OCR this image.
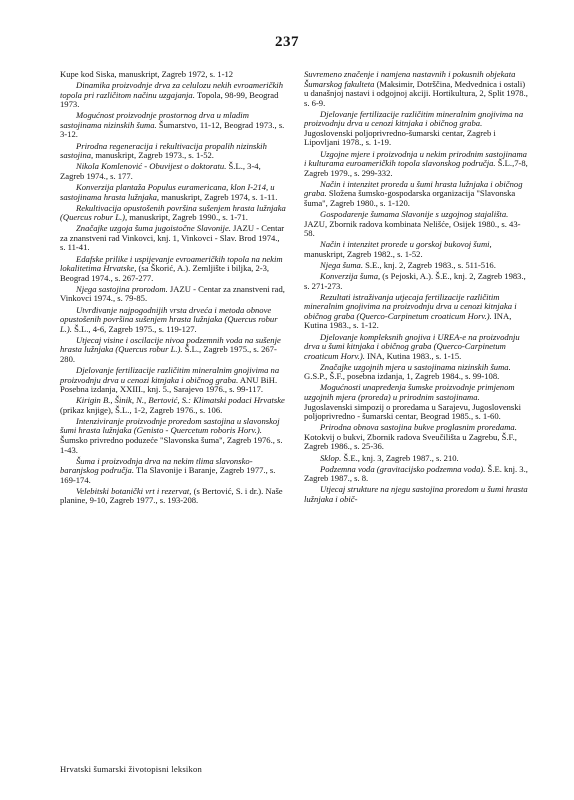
237

Kupe kod Siska, manuskript, Zagreb 1972, s. 1-12

Dinamika proizvodnje drva za celulozu nekih evroameričkih topola pri različitom načinu uzgajanja. Topola, 98-99, Beograd 1973.

Mogućnost proizvodnje prostornog drva u mladim sastojinama nizinskih šuma. Šumarstvo, 11-12, Beograd 1973., s. 3-12.

Prirodna regeneracija i rekultivacija propalih nizinskih sastojina, manuskript, Zagreb 1973., s. 1-52.

Nikola Komlenović - Obuvijest o doktoratu. Š.L., 3-4, Zagreb 1974., s. 177.

Konverzija plantaža Populus euramericana, klon I-214, u sastojinama hrasta lužnjaka, manuskript, Zagreb 1974, s. 1-11.

Rekultivacija opustošenih površina sušenjem hrasta lužnjaka (Quercus robur L.), manuskript, Zagreb 1990., s. 1-71.

Značajke uzgoja šuma jugoistočne Slavonije. JAZU - Centar za znanstveni rad Vinkovci, knj. 1, Vinkovci - Slav. Brod 1974., s. 11-41.

Edafske prilike i uspijevanje evroameričkih topola na nekim lokalitetima Hrvatske, (sa Škorić, A.). Zemljište i biljka, 2-3, Beograd 1974., s. 267-277.

Njega sastojina prorodom. JAZU - Centar za znanstveni rad, Vinkovci 1974., s. 79-85.

Utvrđivanje najpogodnijih vrsta drveća i metoda obnove opustošenih površina sušenjem hrasta lužnjaka (Quercus robur L.). Š.L., 4-6, Zagreb 1975., s. 119-127.

Utjecaj visine i oscilacije nivoa podzemnih voda na sušenje hrasta lužnjaka (Quercus robur L.). Š.L., Zagreb 1975., s. 267-280.

Djelovanje fertilizacije različitim mineralnim gnojivima na proizvodnju drva u cenozi kitnjaka i običnog graba. ANU BiH. Posebna izdanja, XXIII., knj. 5., Sarajevo 1976., s. 99-117.

Kirigin B., Šinik, N., Bertović, S.: Klimatski podaci Hrvatske (prikaz knjige), Š.L., 1-2, Zagreb 1976., s. 106.

Intenziviranje proizvodnje proredom sastojina u slavonskoj šumi hrasta lužnjaka (Genisto - Quercetum roboris Horv.). Šumsko privredno poduzeće "Slavonska šuma", Zagreb 1976., s. 1-43.

Šuma i proizvodnja drva na nekim tlima slavonsko-baranjskog područja. Tla Slavonije i Baranje, Zagreb 1977., s. 169-174.

Velebitski botanički vrt i rezervat, (s Bertović, S. i dr.). Naše planine, 9-10, Zagreb 1977., s. 193-208.

Suvremeno značenje i namjena nastavnih i pokusnih objekata Šumarskog fakulteta (Maksimir, Dotrščina, Medvednica i ostali) u današnjoj nastavi i odgojnoj akciji. Hortikultura, 2, Split 1978., s. 6-9.

Djelovanje fertilizacije različitim mineralnim gnojivima na proizvodnju drva u cenozi kitnjaka i običnog graba. Jugoslovenski poljoprivredno-šumarski centar, Zagreb i Lipovljani 1978., s. 1-19.

Uzgojne mjere i proizvodnja u nekim prirodnim sastojinama i kulturama euroameričkih topola slavonskog područja. Š.L.,7-8, Zagreb 1979., s. 299-332.

Način i intenzitet proreda u šumi hrasta lužnjaka i običnog graba. Složena šumsko-gospodarska organizacija "Slavonska šuma", Zagreb 1980., s. 1-120.

Gospodarenje šumama Slavonije s uzgojnog stajališta. JAZU, Zbornik radova kombinata Nelišće, Osijek 1980., s. 43-58.

Način i intenzitet prorede u gorskoj bukovoj šumi, manuskript, Zagreb 1982., s. 1-52.

Njega šuma. S.E., knj. 2, Zagreb 1983., s. 511-516.

Konverzija šuma, (s Pejoski, A.). Š.E., knj. 2, Zagreb 1983., s. 271-273.

Rezultati istraživanja utjecaja fertilizacije različitim mineralnim gnojivima na proizvodnju drva u cenozi kitnjaka i običnog graba (Querco-Carpinetum croaticum Horv.). INA, Kutina 1983., s. 1-12.

Djelovanje kompleksnih gnojiva i UREA-e na proizvodnju drva u šumi kitnjaka i običnog graba (Querco-Carpinetum croaticum Horv.). INA, Kutina 1983., s. 1-15.

Značajke uzgojnih mjera u sastojinama nizinskih šuma. G.S.P., Š.F., posebna izdanja, 1, Zagreb 1984., s. 99-108.

Mogućnosti unapređenja šumske proizvodnje primjenom uzgojnih mjera (proreda) u prirodnim sastojinama. Jugoslavenski simpozij o proredama u Sarajevu, Jugoslovenski poljoprivredno - šumarski centar, Beograd 1985., s. 1-60.

Prirodna obnova sastojina bukve proglasnim proredama. Kotokvij o bukvi, Zbornik radova Sveučilišta u Zagrebu, Š.F., Zagreb 1986., s. 25-36.

Sklop. Š.E., knj. 3, Zagreb 1987., s. 210.

Podzemna voda (gravitacijsko podzemna voda). Š.E. knj. 3., Zagreb 1987., s. 8.

Utjecaj strukture na njegu sastojina proredom u šumi hrasta lužnjaka i obič-

Hrvatski šumarski životopisni leksikon
